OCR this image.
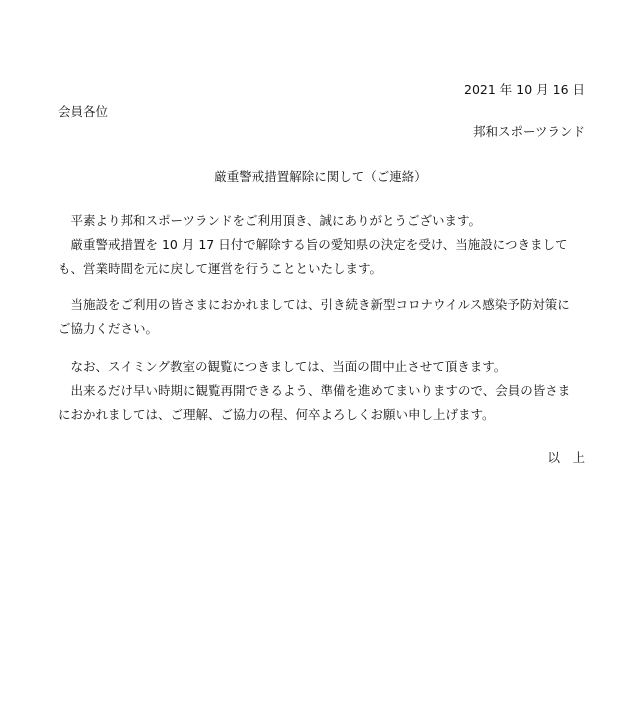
2021 年 10 月 16 日
会員各位
邦和スポーツランド
厳重警戒措置解除に関して（ご連絡）
　平素より邦和スポーツランドをご利用頂き、誠にありがとうございます。
　厳重警戒措置を 10 月 17 日付で解除する旨の愛知県の決定を受け、当施設につきまして
も、営業時間を元に戻して運営を行うことといたします。
　当施設をご利用の皆さまにおかれましては、引き続き新型コロナウイルス感染予防対策に
ご協力ください。
　なお、スイミング教室の観覧につきましては、当面の間中止させて頂きます。
　出来るだけ早い時期に観覧再開できるよう、準備を進めてまいりますので、会員の皆さま
におかれましては、ご理解、ご協力の程、何卒よろしくお願い申し上げます。
以　上
